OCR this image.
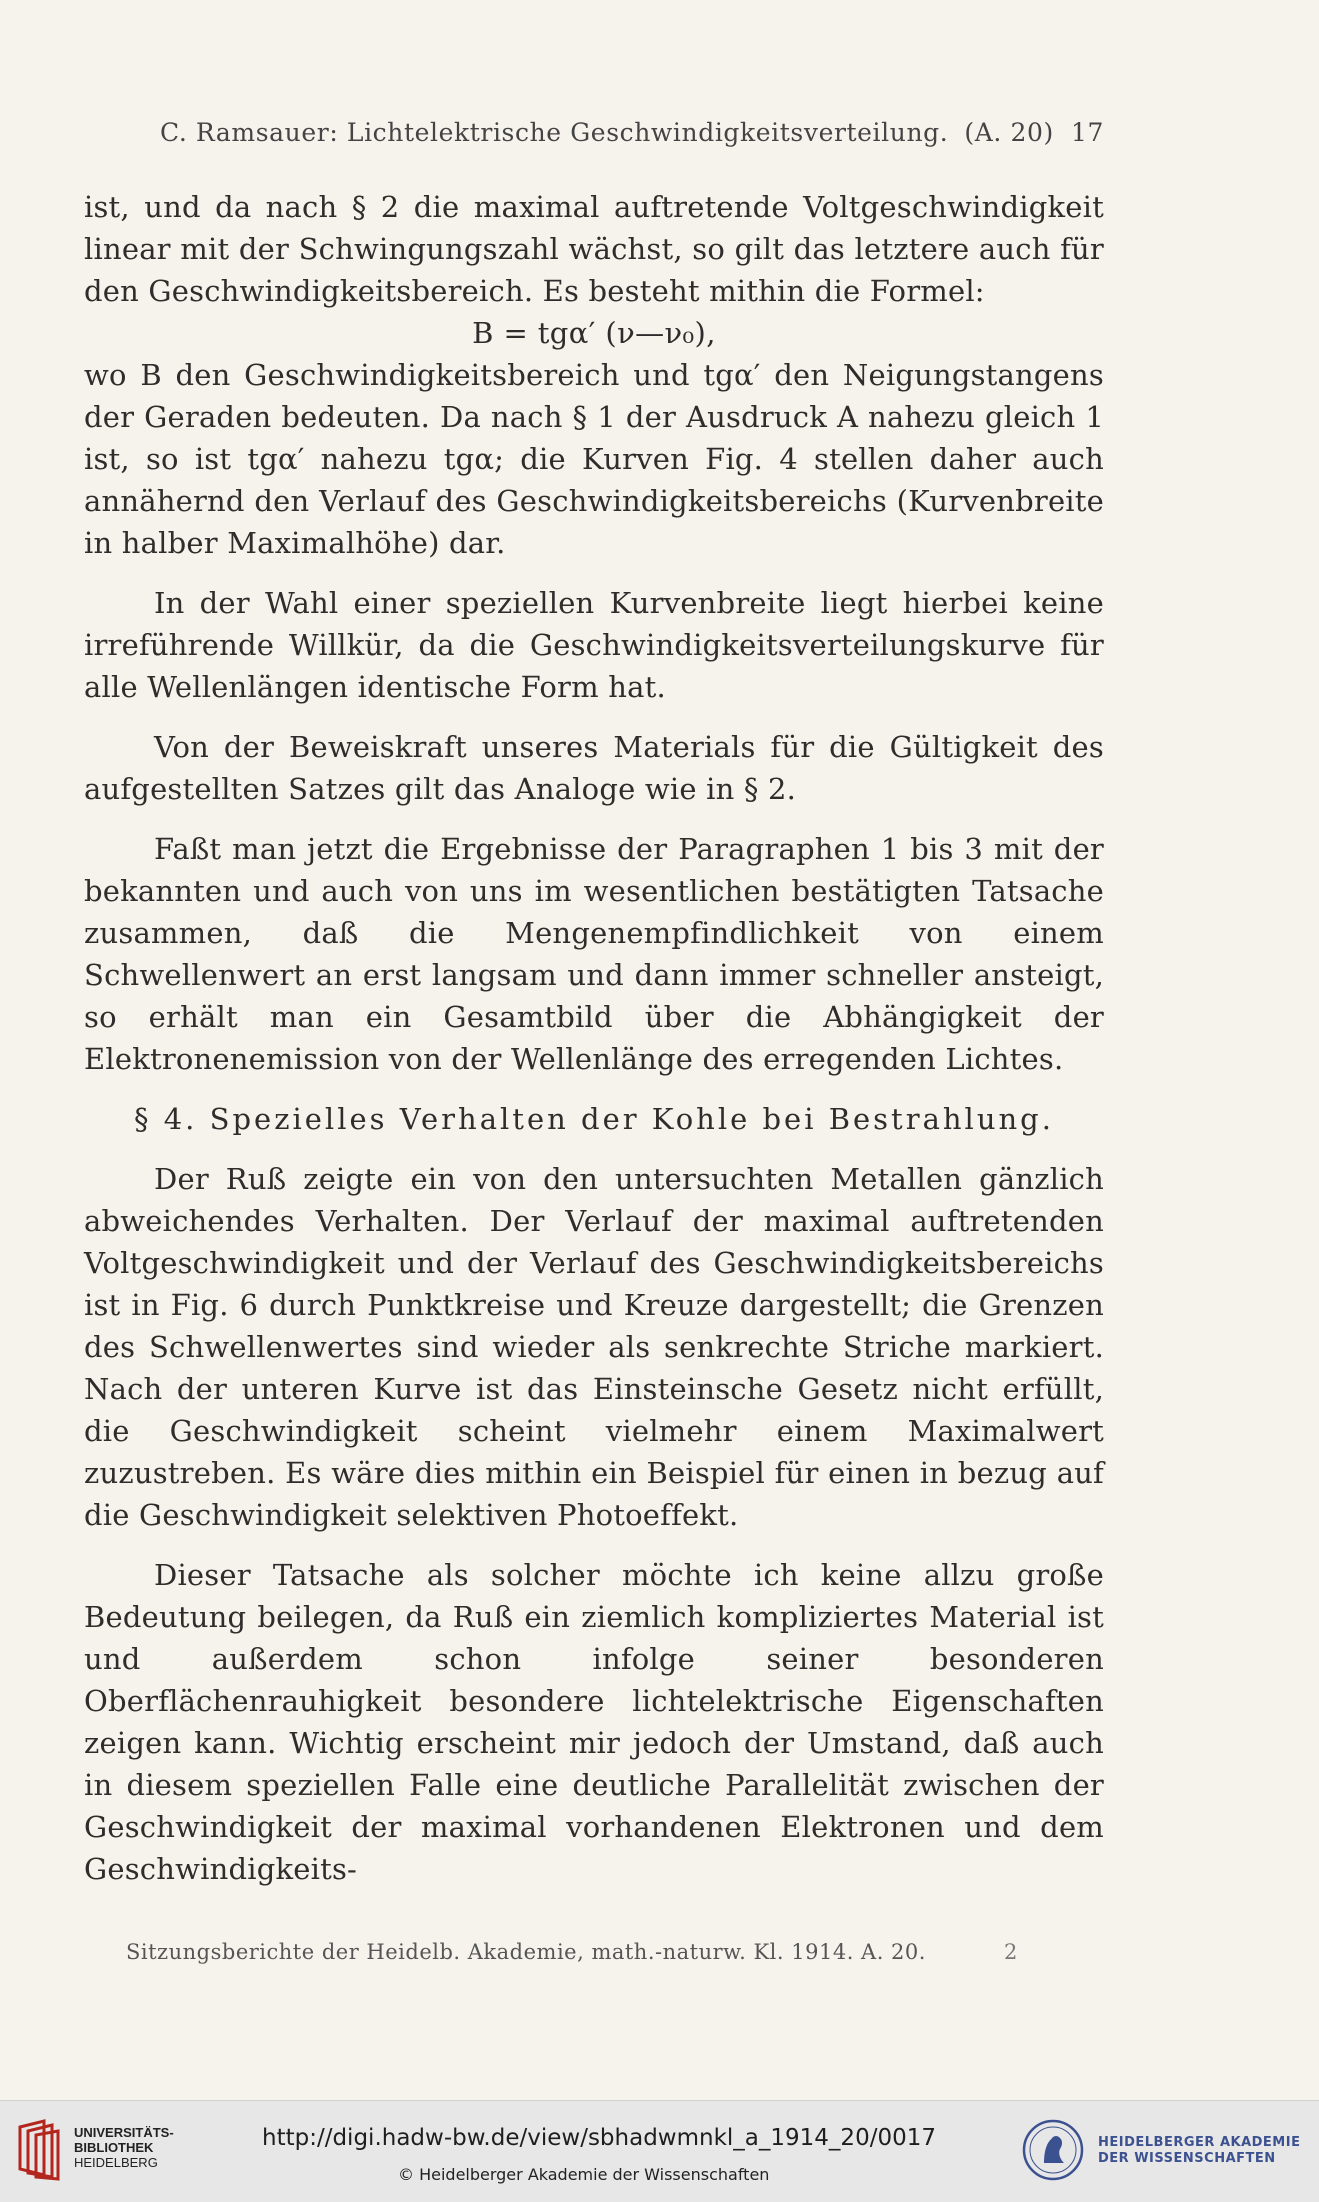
C. Ramsauer: Lichtelektrische Geschwindigkeitsverteilung. (A. 20) 17

ist, und da nach § 2 die maximal auftretende Voltgeschwindigkeit linear mit der Schwingungszahl wächst, so gilt das letztere auch für den Geschwindigkeitsbereich. Es besteht mithin die Formel:

B = tgα′ (ν—ν₀),

wo B den Geschwindigkeitsbereich und tgα′ den Neigungstangens der Geraden bedeuten. Da nach § 1 der Ausdruck A nahezu gleich 1 ist, so ist tgα′ nahezu tgα; die Kurven Fig. 4 stellen daher auch annähernd den Verlauf des Geschwindigkeitsbereichs (Kurvenbreite in halber Maximalhöhe) dar.

In der Wahl einer speziellen Kurvenbreite liegt hierbei keine irreführende Willkür, da die Geschwindigkeitsverteilungskurve für alle Wellenlängen identische Form hat.

Von der Beweiskraft unseres Materials für die Gültigkeit des aufgestellten Satzes gilt das Analoge wie in § 2.

Faßt man jetzt die Ergebnisse der Paragraphen 1 bis 3 mit der bekannten und auch von uns im wesentlichen bestätigten Tatsache zusammen, daß die Mengenempfindlichkeit von einem Schwellenwert an erst langsam und dann immer schneller ansteigt, so erhält man ein Gesamtbild über die Abhängigkeit der Elektronenemission von der Wellenlänge des erregenden Lichtes.

§ 4. Spezielles Verhalten der Kohle bei Bestrahlung.

Der Ruß zeigte ein von den untersuchten Metallen gänzlich abweichendes Verhalten. Der Verlauf der maximal auftretenden Voltgeschwindigkeit und der Verlauf des Geschwindigkeitsbereichs ist in Fig. 6 durch Punktkreise und Kreuze dargestellt; die Grenzen des Schwellenwertes sind wieder als senkrechte Striche markiert. Nach der unteren Kurve ist das Einsteinsche Gesetz nicht erfüllt, die Geschwindigkeit scheint vielmehr einem Maximalwert zuzustreben. Es wäre dies mithin ein Beispiel für einen in bezug auf die Geschwindigkeit selektiven Photoeffekt.

Dieser Tatsache als solcher möchte ich keine allzu große Bedeutung beilegen, da Ruß ein ziemlich kompliziertes Material ist und außerdem schon infolge seiner besonderen Oberflächenrauhigkeit besondere lichtelektrische Eigenschaften zeigen kann. Wichtig erscheint mir jedoch der Umstand, daß auch in diesem speziellen Falle eine deutliche Parallelität zwischen der Geschwindigkeit der maximal vorhandenen Elektronen und dem Geschwindigkeits-

Sitzungsberichte der Heidelb. Akademie, math.-naturw. Kl. 1914. A. 20.	2
UNIVERSITÄTS-
BIBLIOTHEK
HEIDELBERG
http://digi.hadw-bw.de/view/sbhadwmnkl_a_1914_20/0017
© Heidelberger Akademie der Wissenschaften
HEIDELBERGER AKADEMIE
DER WISSENSCHAFTEN
